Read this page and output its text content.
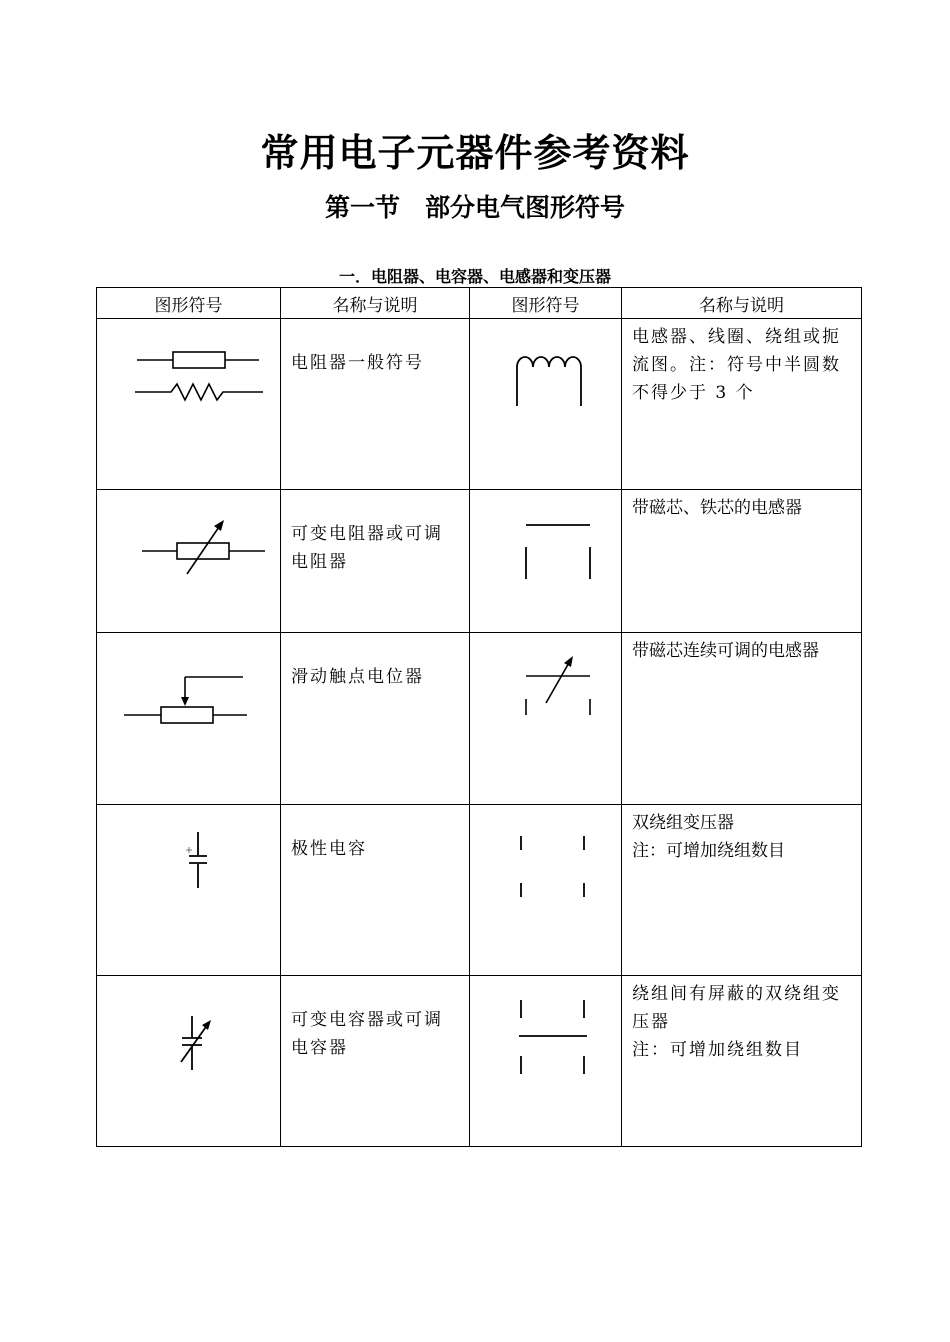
常用电子元器件参考资料
第一节　部分电气图形符号
一．电阻器、电容器、电感器和变压器
图形符号	名称与说明	图形符号	名称与说明

电阻器一般符号		电感器、线圈、绕组或扼
流图。注：符号中半圆数
不得少于 3 个

可变电阻器或可调
电阻器		带磁芯、铁芯的电感器

滑动触点电位器		带磁芯连续可调的电感器

极性电容		双绕组变压器
注：可增加绕组数目

可变电容器或可调
电容器		绕组间有屏蔽的双绕组变
压器
注：可增加绕组数目
